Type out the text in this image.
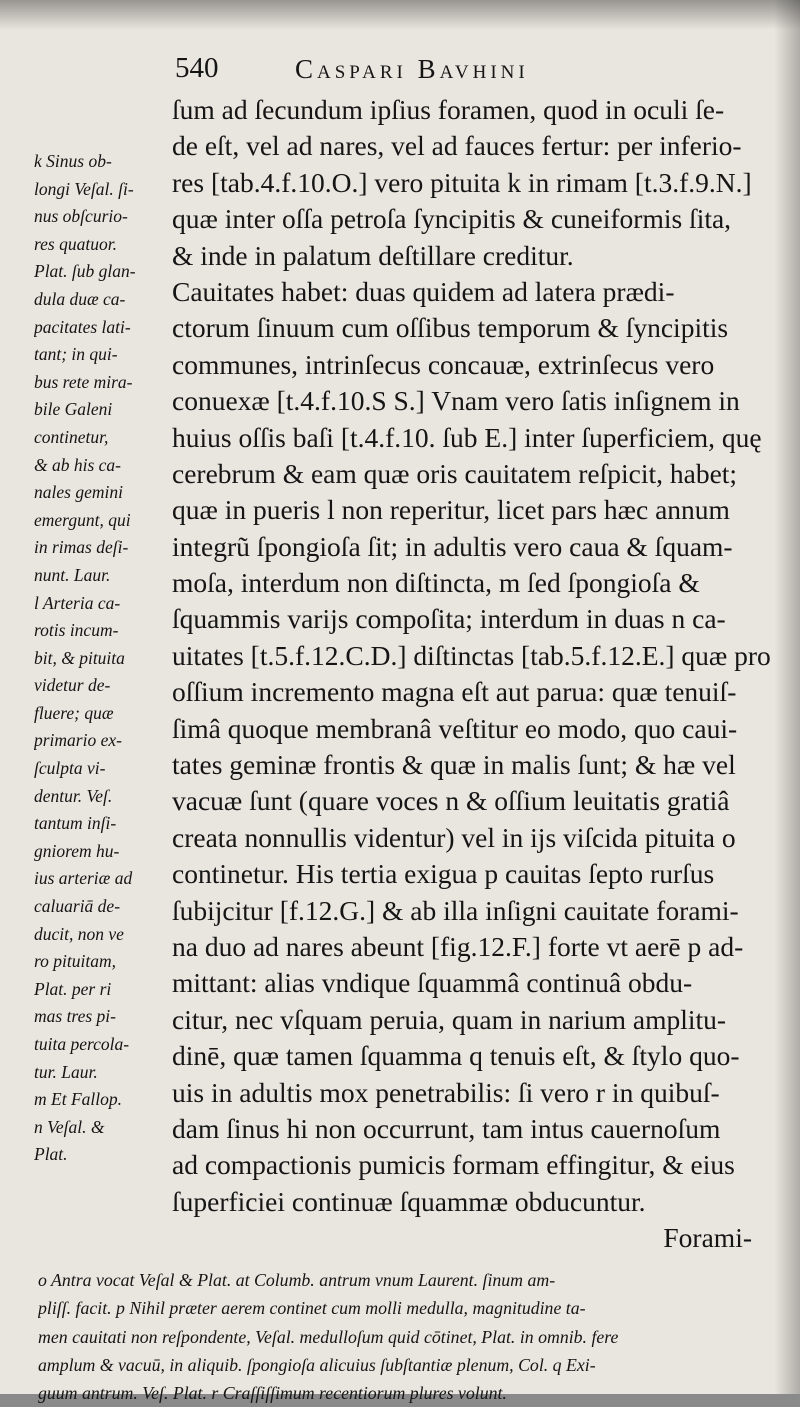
540	Caspari Bavhini
ſum ad ſecundum ipſius foramen, quod in oculi ſe-
de eſt, vel ad nares, vel ad fauces fertur: per inferio-
res [tab.4.f.10.O.] vero pituita k in rimam [t.3.f.9.N.]
quæ inter oſſa petroſa ſyncipitis & cuneiformis ſita,
& inde in palatum deſtillare creditur.
Cauitates habet: duas quidem ad latera prædi-
ctorum ſinuum cum oſſibus temporum & ſyncipitis
communes, intrinſecus concauæ, extrinſecus vero
conuexæ [t.4.f.10.S S.] Vnam vero ſatis inſignem in
huius oſſis baſi [t.4.f.10. ſub E.] inter ſuperficiem, quę
cerebrum & eam quæ oris cauitatem reſpicit, habet;
quæ in pueris l non reperitur, licet pars hæc annum
integrũ ſpongioſa ſit; in adultis vero caua & ſquam-
moſa, interdum non diſtincta, m ſed ſpongioſa &
ſquammis varijs compoſita; interdum in duas n ca-
uitates [t.5.f.12.C.D.] diſtinctas [tab.5.f.12.E.] quæ pro
oſſium incremento magna eſt aut parua: quæ tenuiſ-
ſimâ quoque membranâ veſtitur eo modo, quo caui-
tates geminæ frontis & quæ in malis ſunt; & hæ vel
vacuæ ſunt (quare voces n & oſſium leuitatis gratiâ
creata nonnullis videntur) vel in ijs viſcida pituita o
continetur. His tertia exigua p cauitas ſepto rurſus
ſubijcitur [f.12.G.] & ab illa inſigni cauitate forami-
na duo ad nares abeunt [fig.12.F.] forte vt aerē p ad-
mittant: alias vndique ſquammâ continuâ obdu-
citur, nec vſquam peruia, quam in narium amplitu-
dinē, quæ tamen ſquamma q tenuis eſt, & ſtylo quo-
uis in adultis mox penetrabilis: ſi vero r in quibuſ-
dam ſinus hi non occurrunt, tam intus cauernoſum
ad compactionis pumicis formam effingitur, & eius
ſuperficiei continuæ ſquammæ obducuntur.
Forami-
k Sinus ob-
longi Veſal. ſi-
nus obſcurio-
res quatuor.
Plat. ſub glan-
dula duæ ca-
pacitates lati-
tant; in qui-
bus rete mira-
bile Galeni
continetur,
& ab his ca-
nales gemini
emergunt, qui
in rimas deſi-
nunt. Laur.
l Arteria ca-
rotis incum-
bit, & pituita
videtur de-
fluere; quæ
primario ex-
ſculpta vi-
dentur. Veſ.
tantum inſi-
gniorem hu-
ius arteriæ ad
caluariā de-
ducit, non ve
ro pituitam,
Plat. per ri
mas tres pi-
tuita percola-
tur. Laur.
m Et Fallop.
n Veſal. &
Plat.
o Antra vocat Veſal & Plat. at Columb. antrum vnum Laurent. ſinum am-
pliſſ. facit. p Nihil præter aerem continet cum molli medulla, magnitudine ta-
men cauitati non reſpondente, Veſal. medulloſum quid cōtinet, Plat. in omnib. fere
amplum & vacuū, in aliquib. ſpongioſa alicuius ſubſtantiæ plenum, Col. q Exi-
guum antrum. Veſ. Plat. r Craſſiſſimum recentiorum plures volunt.
